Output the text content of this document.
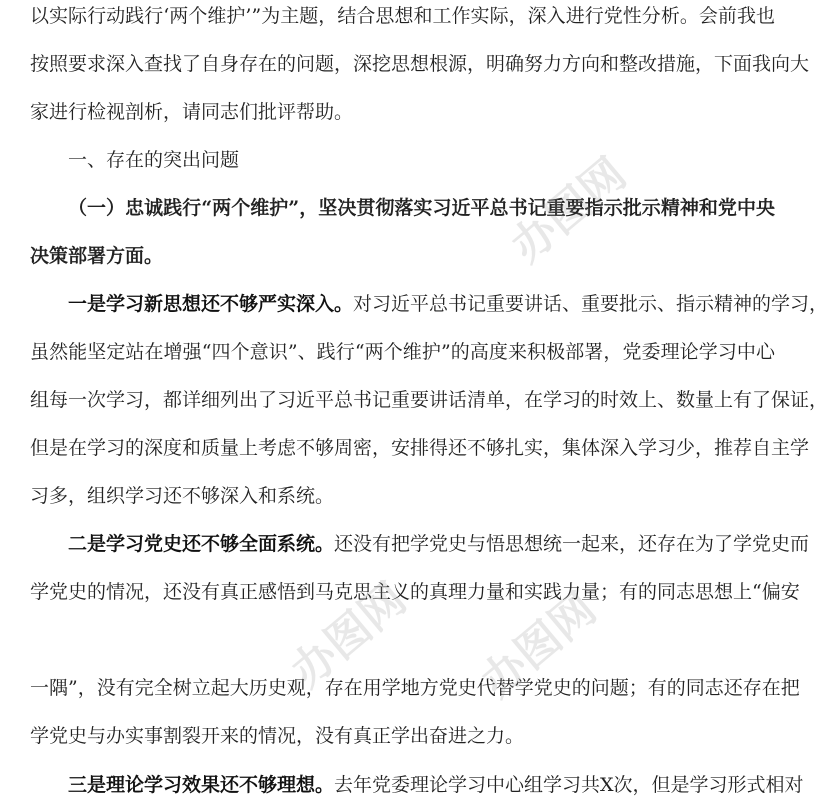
以实际行动践行‘两个维护’”为主题，结合思想和工作实际，深入进行党性分析。会前我也
按照要求深入查找了自身存在的问题，深挖思想根源，明确努力方向和整改措施，下面我向大
家进行检视剖析，请同志们批评帮助。
一、存在的突出问题
（一）忠诚践行“两个维护”，坚决贯彻落实习近平总书记重要指示批示精神和党中央
决策部署方面。
一是学习新思想还不够严实深入。对习近平总书记重要讲话、重要批示、指示精神的学习，
虽然能坚定站在增强“四个意识”、践行“两个维护”的高度来积极部署，党委理论学习中心
组每一次学习，都详细列出了习近平总书记重要讲话清单，在学习的时效上、数量上有了保证，
但是在学习的深度和质量上考虑不够周密，安排得还不够扎实，集体深入学习少，推荐自主学
习多，组织学习还不够深入和系统。
二是学习党史还不够全面系统。还没有把学党史与悟思想统一起来，还存在为了学党史而
学党史的情况，还没有真正感悟到马克思主义的真理力量和实践力量；有的同志思想上“偏安
一隅”，没有完全树立起大历史观，存在用学地方党史代替学党史的问题；有的同志还存在把
学党史与办实事割裂开来的情况，没有真正学出奋进之力。
三是理论学习效果还不够理想。去年党委理论学习中心组学习共X次，但是学习形式相对
办图网
办图网
办图网
